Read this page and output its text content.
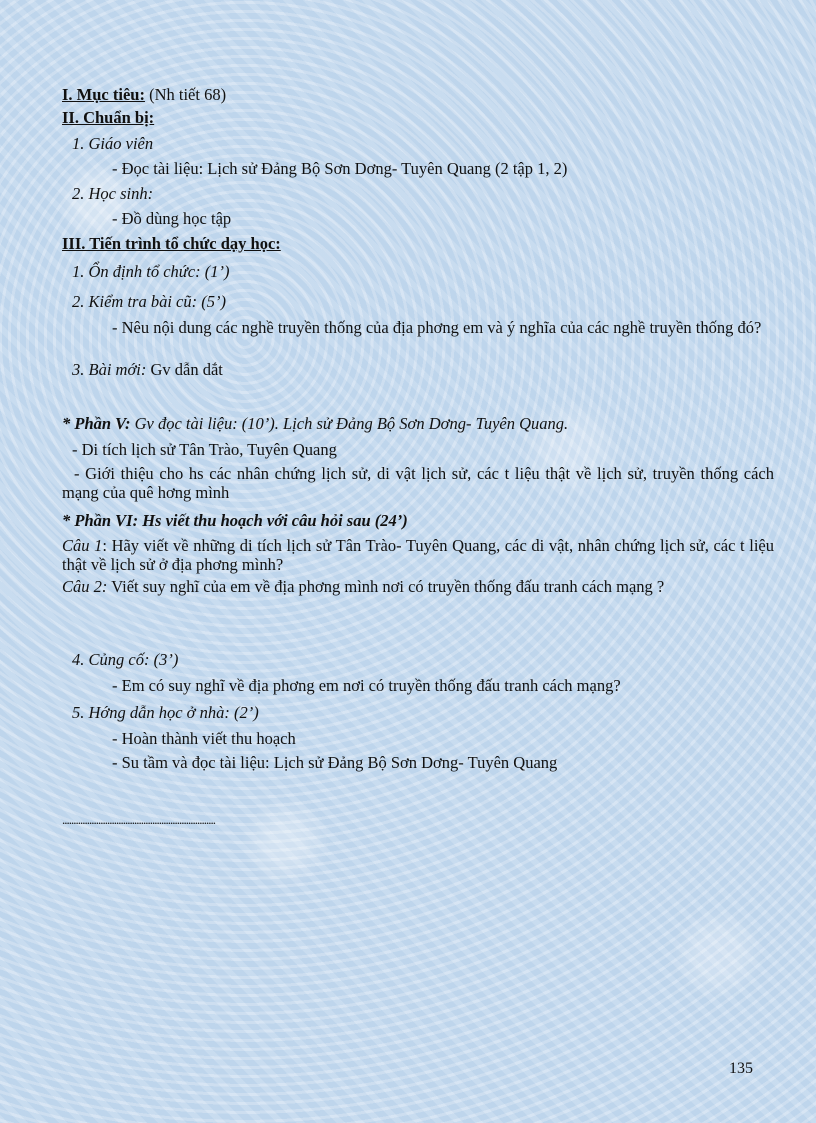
I. Mục tiêu: (Nh tiết 68)
II. Chuẩn bị:
1. Giáo viên
- Đọc tài liệu: Lịch sử Đảng Bộ Sơn Dơng- Tuyên Quang (2 tập 1, 2)
2. Học sinh:
- Đồ dùng học tập
III. Tiến trình tổ chức dạy học:
1. Ổn định tổ chức: (1’)
2. Kiểm tra bài cũ: (5’)
- Nêu nội dung các nghề truyền thống của địa phơng em và ý nghĩa của các nghề truyền thống đó?
3. Bài mới: Gv dẫn dắt
* Phần V: Gv đọc tài liệu: (10’). Lịch sử Đảng Bộ Sơn Dơng- Tuyên Quang.
- Di tích lịch sử Tân Trào, Tuyên Quang
- Giới thiệu cho hs các nhân chứng lịch sử, di vật lịch sử, các t liệu thật về lịch sử, truyền thống cách mạng của quê hơng mình
* Phần VI: Hs viết thu hoạch với câu hỏi sau (24’)
Câu 1: Hãy viết về những di tích lịch sử Tân Trào- Tuyên Quang, các di vật, nhân chứng lịch sử, các t liệu thật về lịch sử ở địa phơng mình?
Câu 2: Viết suy nghĩ của em về địa phơng mình nơi có truyền thống đấu tranh cách mạng ?
4. Củng cố: (3’)
- Em có suy nghĩ về địa phơng em nơi có truyền thống đấu tranh cách mạng?
5. Hớng dẫn học ở nhà: (2’)
- Hoàn thành viết thu hoạch
- Su tầm và đọc tài liệu: Lịch sử Đảng Bộ Sơn Dơng- Tuyên Quang
....................................................................
135
